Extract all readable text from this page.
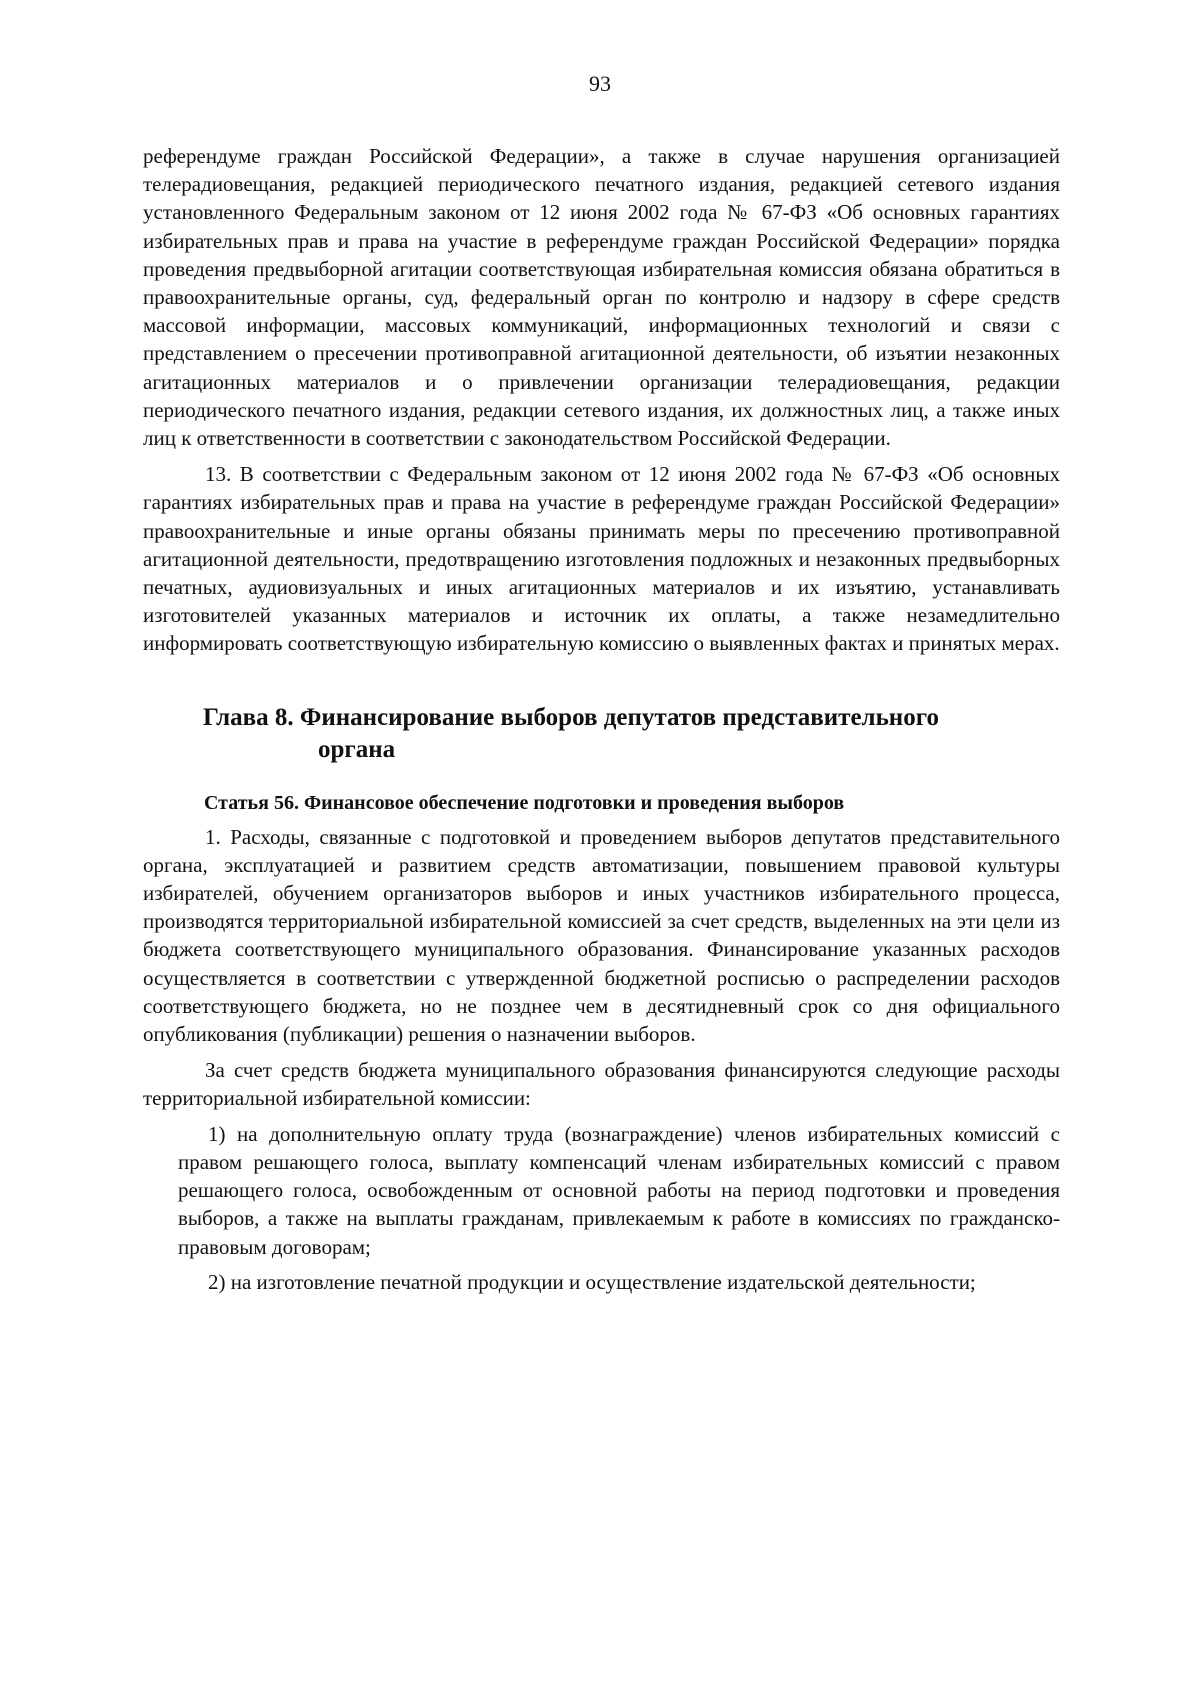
93

референдуме граждан Российской Федерации», а также в случае нарушения организацией телерадиовещания, редакцией периодического печатного издания, редакцией сетевого издания установленного Федеральным законом от 12 июня 2002 года № 67-ФЗ «Об основных гарантиях избирательных прав и права на участие в референдуме граждан Российской Федерации» порядка проведения предвыборной агитации соответствующая избирательная комиссия обязана обратиться в правоохранительные органы, суд, федеральный орган по контролю и надзору в сфере средств массовой информации, массовых коммуникаций, информационных технологий и связи с представлением о пресечении противоправной агитационной деятельности, об изъятии незаконных агитационных материалов и о привлечении организации телерадиовещания, редакции периодического печатного издания, редакции сетевого издания, их должностных лиц, а также иных лиц к ответственности в соответствии с законодательством Российской Федерации.

13. В соответствии с Федеральным законом от 12 июня 2002 года № 67-ФЗ «Об основных гарантиях избирательных прав и права на участие в референдуме граждан Российской Федерации» правоохранительные и иные органы обязаны принимать меры по пресечению противоправной агитационной деятельности, предотвращению изготовления подложных и незаконных предвыборных печатных, аудиовизуальных и иных агитационных материалов и их изъятию, устанавливать изготовителей указанных материалов и источник их оплаты, а также незамедлительно информировать соответствующую избирательную комиссию о выявленных фактах и принятых мерах.

Глава 8. Финансирование выборов депутатов представительного
органа
Статья 56. Финансовое обеспечение подготовки и проведения выборов

1. Расходы, связанные с подготовкой и проведением выборов депутатов представительного органа, эксплуатацией и развитием средств автоматизации, повышением правовой культуры избирателей, обучением организаторов выборов и иных участников избирательного процесса, производятся территориальной избирательной комиссией за счет средств, выделенных на эти цели из бюджета соответствующего муниципального образования. Финансирование указанных расходов осуществляется в соответствии с утвержденной бюджетной росписью о распределении расходов соответствующего бюджета, но не позднее чем в десятидневный срок со дня официального опубликования (публикации) решения о назначении выборов.

За счет средств бюджета муниципального образования финансируются следующие расходы территориальной избирательной комиссии:

1) на дополнительную оплату труда (вознаграждение) членов избирательных комиссий с правом решающего голоса, выплату компенсаций членам избирательных комиссий с правом решающего голоса, освобожденным от основной работы на период подготовки и проведения выборов, а также на выплаты гражданам, привлекаемым к работе в комиссиях по гражданско-правовым договорам;

2) на изготовление печатной продукции и осуществление издательской деятельности;
